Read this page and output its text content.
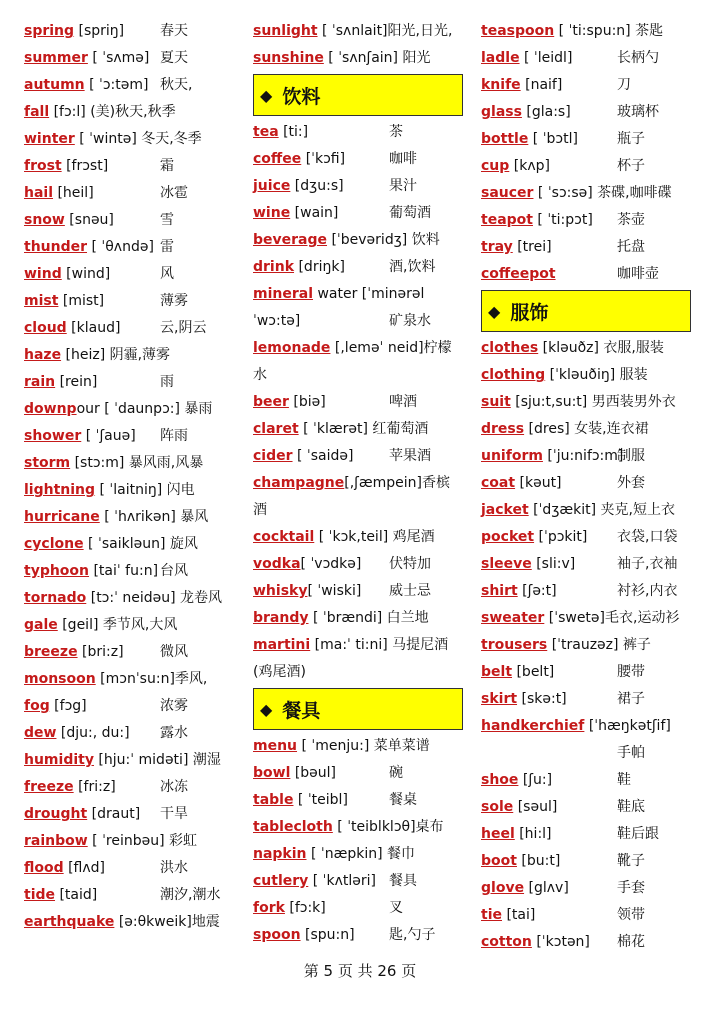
spring [spriŋ]	春天
summer [ ˈsʌmə] 夏天
autumn [ ˈɔ:təm] 秋天,
fall [fɔ:l] (美)秋天,秋季
winter [ ˈwintə] 冬天,冬季
frost [frɔst]	霜
hail [heil]	冰雹
snow [snəu]	雪
thunder [ ˈθʌndə] 雷
wind [wind]	风
mist [mist]	薄雾
cloud [klaud]	云,阴云
haze [heiz] 阴霾,薄雾
rain [rein]	雨
downpour [ ˈdaunpɔ:] 暴雨
shower [ ˈʃauə] 阵雨
storm [stɔ:m] 暴风雨,风暴
lightning [ ˈlaitniŋ] 闪电
hurricane [ ˈhʌrikən] 暴风
cyclone [ ˈsaikləun] 旋风
typhoon [taiˈ fu:n] 台风
tornado [tɔ:ˈ neidəu] 龙卷风
gale [geil] 季节风,大风
breeze [bri:z]	微风
monsoon [mɔnˈsu:n]季风,
fog [fɔg]	浓雾
dew [dju:, du:] 露水
humidity [hju:ˈ midəti] 潮湿
freeze [fri:z]	冰冻
drought [draut] 干旱
rainbow [ ˈreinbəu] 彩虹
flood [flʌd]	洪水
tide [taid]	潮汐,潮水
earthquake [ə:θkweik]地震
sunlight [ ˈsʌnlait]阳光,日光,
sunshine [ ˈsʌnʃain] 阳光
◆ 饮料
tea [ti:]	茶
coffee [ˈkɔfi]	咖啡
juice [dʒu:s]	果汁
wine [wain]	葡萄酒
beverage [ˈbevəridʒ] 饮料
drink [driŋk]	酒,饮料
mineral water [ˈminərəl
ˈwɔ:tə]	矿泉水
lemonade [,leməˈ neid]柠檬
水
beer [biə]	啤酒
claret [ ˈklærət] 红葡萄酒
cider [ ˈsaidə]	苹果酒
champagne[,ʃæmpein]香槟
酒
cocktail [ ˈkɔk,teil] 鸡尾酒
vodka[ ˈvɔdkə] 伏特加
whisky[ ˈwiski] 威士忌
brandy [ ˈbrændi] 白兰地
martini [ma:ˈ ti:ni] 马提尼酒
(鸡尾酒)
◆ 餐具
menu [ ˈmenju:] 菜单菜谱
bowl [bəul]	碗
table [ ˈteibl]	餐桌
tablecloth [ ˈteiblklɔθ]桌布
napkin [ ˈnæpkin] 餐巾
cutlery [ ˈkʌtləri] 餐具
fork [fɔ:k]	叉
spoon [spu:n] 匙,勺子
teaspoon [ ˈti:spu:n] 茶匙
ladle [ ˈleidl]	长柄勺
knife [naif]	刀
glass [gla:s]	玻璃杯
bottle [ ˈbɔtl]	瓶子
cup [kʌp]	杯子
saucer [ ˈsɔ:sə] 茶碟,咖啡碟
teapot [ ˈti:pɔt] 茶壶
tray [trei]	托盘
coffeepot	咖啡壶
◆ 服饰
clothes [kləuðz] 衣服,服装
clothing [ˈkləuðiŋ] 服装
suit [sju:t,su:t] 男西装男外衣
dress [dres] 女装,连衣裙
uniform [ˈju:nifɔ:m]
制服
coat [kəut]	外套
jacket [ˈdʒækit] 夹克,短上衣
pocket [ˈpɔkit] 衣袋,口袋
sleeve [sli:v]	袖子,衣袖
shirt [ʃə:t]	衬衫,内衣
sweater [ˈswetə]毛衣,运动衫
trousers [ˈtrauzəz] 裤子
belt [belt]	腰带
skirt [skə:t]	裙子
handkerchief [ˈhæŋkətʃif]
手帕
shoe [ʃu:]	鞋
sole [səul]	鞋底
heel [hi:l]	鞋后跟
boot [bu:t]	靴子
glove [glʌv]	手套
tie [tai]	领带
cotton [ˈkɔtən] 棉花
第 5 页 共 26 页
